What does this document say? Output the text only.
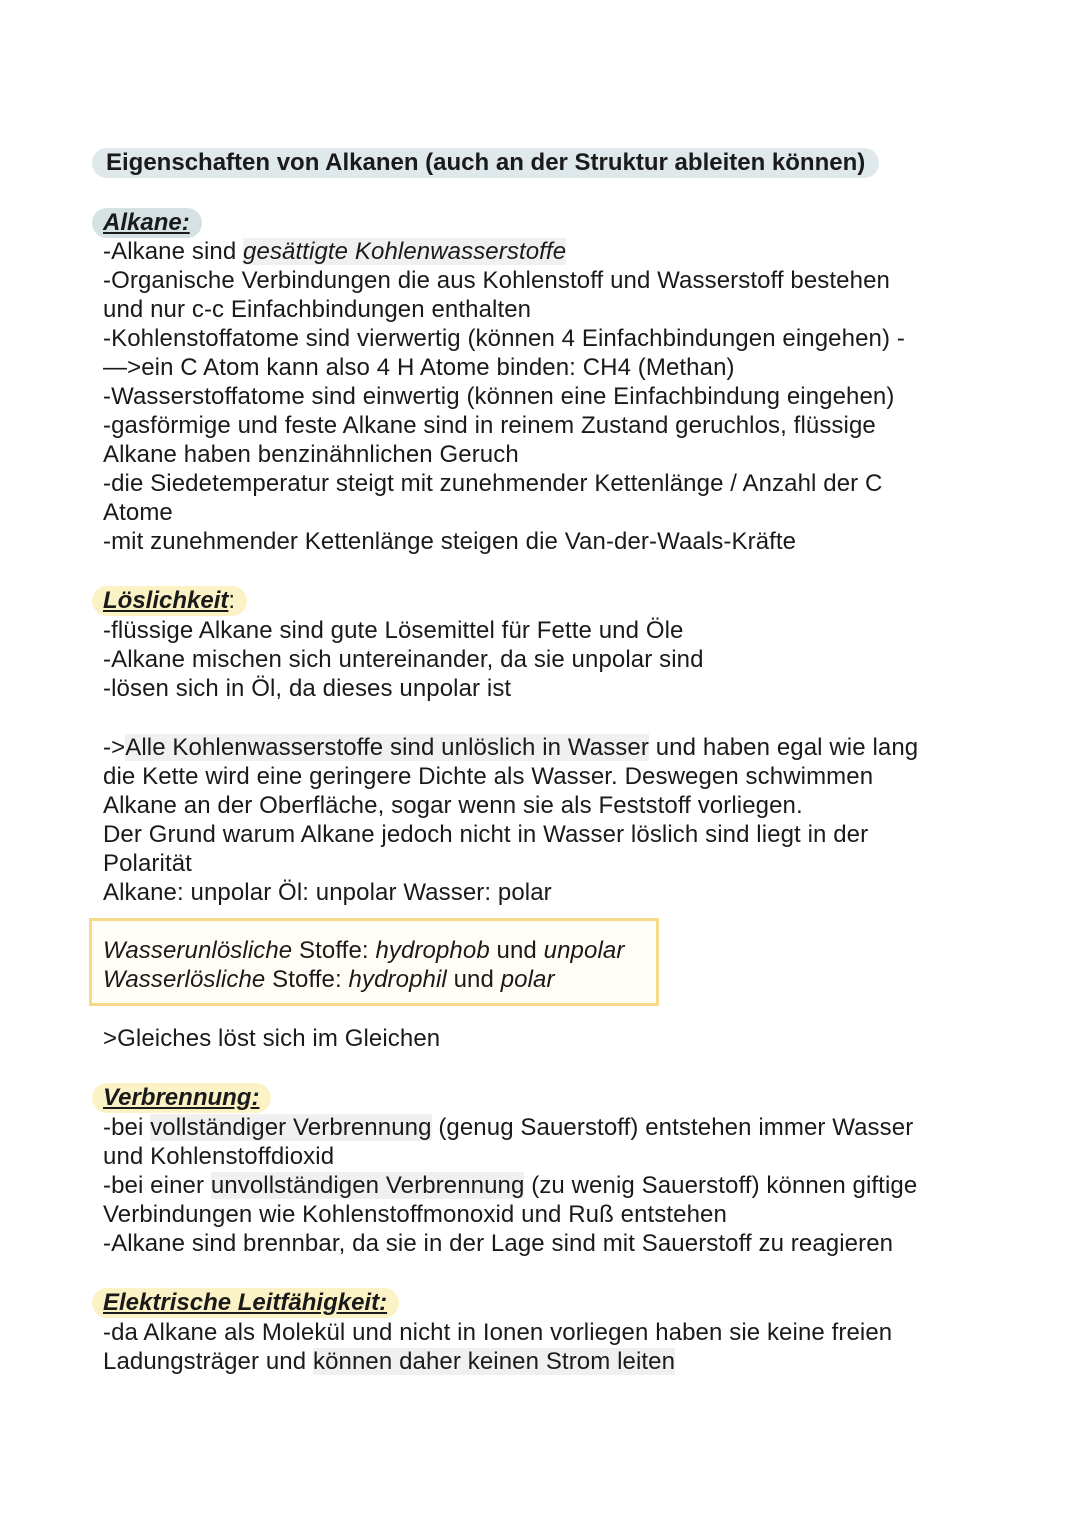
Eigenschaften von Alkanen (auch an der Struktur ableiten können)
Alkane:
-Alkane sind gesättigte Kohlenwasserstoffe
-Organische Verbindungen die aus Kohlenstoff und Wasserstoff bestehen
und nur c-c Einfachbindungen enthalten
-Kohlenstoffatome sind vierwertig (können 4 Einfachbindungen eingehen) -
—>ein C Atom kann also 4 H Atome binden: CH4 (Methan)
-Wasserstoffatome sind einwertig (können eine Einfachbindung eingehen)
-gasförmige und feste Alkane sind in reinem Zustand geruchlos, flüssige
Alkane haben benzinähnlichen Geruch
-die Siedetemperatur steigt mit zunehmender Kettenlänge / Anzahl der C
Atome
-mit zunehmender Kettenlänge steigen die Van-der-Waals-Kräfte
Löslichkeit:
-flüssige Alkane sind gute Lösemittel für Fette und Öle
-Alkane mischen sich untereinander, da sie unpolar sind
-lösen sich in Öl, da dieses unpolar ist
->Alle Kohlenwasserstoffe sind unlöslich in Wasser und haben egal wie lang
die Kette wird eine geringere Dichte als Wasser. Deswegen schwimmen
Alkane an der Oberfläche, sogar wenn sie als Feststoff vorliegen.
Der Grund warum Alkane jedoch nicht in Wasser löslich sind liegt in der
Polarität
Alkane: unpolar Öl: unpolar Wasser: polar
Wasserunlösliche Stoffe: hydrophob und unpolar
Wasserlösliche Stoffe: hydrophil und polar
>Gleiches löst sich im Gleichen
Verbrennung:
-bei vollständiger Verbrennung (genug Sauerstoff) entstehen immer Wasser
und Kohlenstoffdioxid
-bei einer unvollständigen Verbrennung (zu wenig Sauerstoff) können giftige
Verbindungen wie Kohlenstoffmonoxid und Ruß entstehen
-Alkane sind brennbar, da sie in der Lage sind mit Sauerstoff zu reagieren
Elektrische Leitfähigkeit:
-da Alkane als Molekül und nicht in Ionen vorliegen haben sie keine freien
Ladungsträger und können daher keinen Strom leiten
